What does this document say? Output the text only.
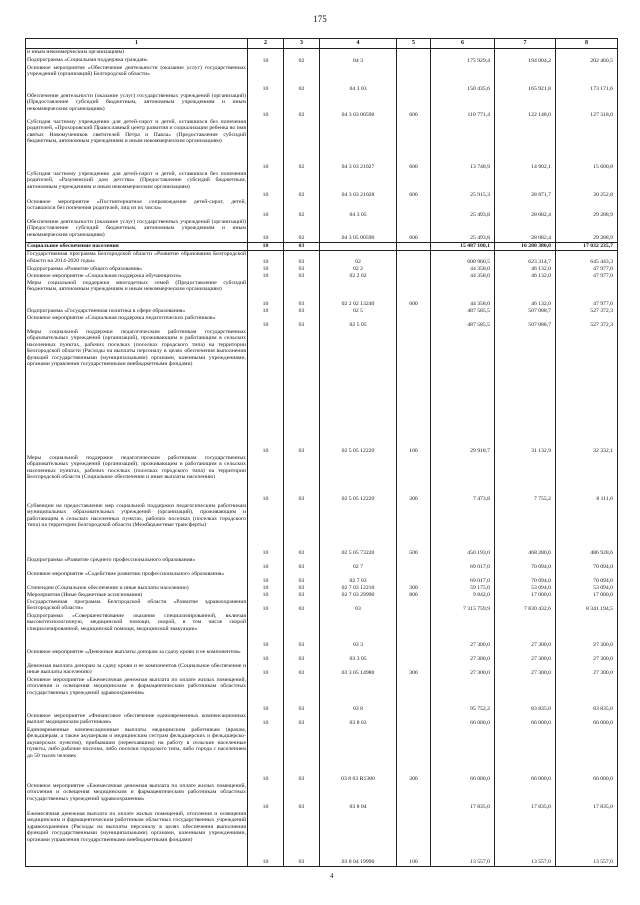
175
1	2	3	4	5	6	7	8
и иным некоммерческим организациям)							
Подпрограмма «Социальная поддержка граждан»	10	02	04 3		175 929,4	194 004,2	202 460,5
Основное мероприятие «Обеспечение деятельности (оказание услуг) государственных учреждений (организаций) Белгородской области»	10	02	04 3 03		150 435,6	165 921,8	173 171,6
Обеспечение деятельности (оказание услуг) государственных учреждений (организаций) (Предоставление субсидий бюджетным, автономным учреждениям и иным некоммерческим организациям)	10	02	04 3 03 00590	600	110 771,4	122 148,0	127 318,0
Субсидия частному учреждению для детей-сирот и детей, оставшихся без попечения родителей, «Прохоровский Православный центр развития и социализации ребенка во имя святых Новомучеников святителей Петра и Павла» (Предоставление субсидий бюджетным, автономным учреждениям и иным некоммерческим организациям)	10	02	04 3 03 21027	600	13 748,9	14 902,1	15 600,8
Субсидия частному учреждению для детей-сирот и детей, оставшихся без попечения родителей, «Разуменский дом детства» (Предоставление субсидий бюджетным, автономным учреждениям и иным некоммерческим организациям)	10	02	04 3 03 21028	600	25 915,3	28 871,7	30 252,8
Основное мероприятие «Постинтернатное сопровождение детей-сирот, детей, оставшихся без попечения родителей, лиц из их числа»	10	02	04 3 05		25 493,8	28 082,4	29 288,9
Обеспечение деятельности (оказание услуг) государственных учреждений (организаций) (Предоставление субсидий бюджетным, автономным учреждениям и иным некоммерческим организациям)	10	02	04 3 05 00590	600	25 493,8	28 082,4	29 288,9
Социальное обеспечение населения	10	03			15 487 100,1	16 280 380,0	17 032 235,7
Государственная программа Белгородской области «Развитие образования Белгородской области на 2014-2020 годы»	10	03	02		600 960,5	623 314,7	645 443,3
Подпрограмма «Развитие общего образования»	10	03	02 2		44 358,0	46 132,0	47 977,0
Основное мероприятие «Социальная поддержка обучающихся»	10	03	02 2 02		44 358,0	46 132,0	47 977,0
Меры социальной поддержки многодетных семей (Предоставление субсидий бюджетным, автономным учреждениям и иным некоммерческим организациям)	10	03	02 2 02 13240	600	44 358,0	46 132,0	47 977,0
Подпрограмма «Государственная политика в сфере образования»	10	03	02 5		487 585,5	507 088,7	527 372,3
Основное мероприятие «Социальная поддержка педагогических работников»	10	03	02 5 05		487 585,5	507 088,7	527 372,3
Меры социальной поддержки педагогическим работникам государственных образовательных учреждений (организаций), проживающим и работающим в сельских населенных пунктах, рабочих поселках (поселках городского типа) на территории Белгородской области (Расходы на выплаты персоналу в целях обеспечения выполнения функций государственными (муниципальными) органами, казенными учреждениями, органами управления государственными внебюджетными фондами)	10	03	02 5 05 12220	100	29 918,7	31 132,9	32 332,1
Меры социальной поддержки педагогическим работникам государственных образовательных учреждений (организаций), проживающим и работающим в сельских населенных пунктах, рабочих поселках (поселках городского типа) на территории Белгородской области (Социальное обеспечение и иные выплаты населению)	10	03	02 5 05 12220	300	7 473,8	7 755,2	8 111,6
Субвенции на предоставление мер социальной поддержки педагогическим работникам муниципальных образовательных учреждений (организаций), проживающим и работающим в сельских населенных пунктах, рабочих поселках (поселках городского типа) на территории Белгородской области (Межбюджетные трансферты)	10	03	02 5 05 73220	500	450 193,0	468 280,6	486 928,6
Подпрограмма «Развитие среднего профессионального образования»	10	03	02 7		69 017,0	70 094,0	70 094,0
Основное мероприятие «Содействие развитию профессионального образования»	10	03	02 7 03		69 017,0	70 094,0	70 094,0
Стипендии (Социальное обеспечение и иные выплаты населению)	10	03	02 7 03 12210	300	59 175,0	53 094,0	53 094,0
Мероприятия (Иные бюджетные ассигнования)	10	03	02 7 03 29990	800	9 842,0	17 000,0	17 000,0
Государственная программа Белгородской области «Развитие здравоохранения Белгородской области»	10	03	03		7 315 759,9	7 830 432,6	8 341 194,5
Подпрограмма «Совершенствование оказания специализированной, включая высокотехнологичную, медицинской помощи, скорой, в том числе скорой специализированной, медицинской помощи, медицинской эвакуации»	10	03	03 3		27 300,0	27 300,0	27 300,0
Основное мероприятие «Денежные выплаты донорам за сдачу крови и ее компонентов»	10	03	03 3 05		27 300,0	27 300,0	27 300,0
Денежная выплата донорам за сдачу крови и ее компонентов (Социальное обеспечение и иные выплаты населению)	10	03	03 3 05 14980	300	27 300,0	27 300,0	27 300,0
Основное мероприятие «Ежемесячная денежная выплата по оплате жилых помещений, отопления и освещения медицинским и фармацевтическим работникам областных государственных учреждений здравоохранения»	10	03	03 8		95 752,2	83 835,0	83 835,0
Основное мероприятие «Финансовое обеспечение единовременных компенсационных выплат медицинским работникам»	10	03	03 8 03		66 000,0	66 000,0	66 000,0
Единовременные компенсационные выплаты медицинским работникам (врачам, фельдшерам, а также акушеркам и медицинским сестрам фельдшерских и фельдшерско-акушерских пунктов), прибывшим (переехавшим) на работу в сельские населенные пункты, либо рабочие поселки, либо поселки городского типа, либо города с населением до 50 тысяч человек	10	03	03 8 03 R1380	300	66 000,0	66 000,0	66 000,0
Основное мероприятие «Ежемесячная денежная выплата по оплате жилых помещений, отопления и освещения медицинским и фармацевтическим работникам областных государственных учреждений здравоохранения»	10	03	03 8 04		17 835,0	17 835,0	17 835,0
Ежемесячная денежная выплата по оплате жилых помещений, отопления и освещения медицинским и фармацевтическим работникам областных государственных учреждений здравоохранения (Расходы на выплаты персоналу в целях обеспечения выполнения функций государственными (муниципальными) органами, казенными учреждениями, органами управления государственными внебюджетными фондами)	10	03	03 8 04 19990	100	13 557,0	13 557,0	13 557,0
4
